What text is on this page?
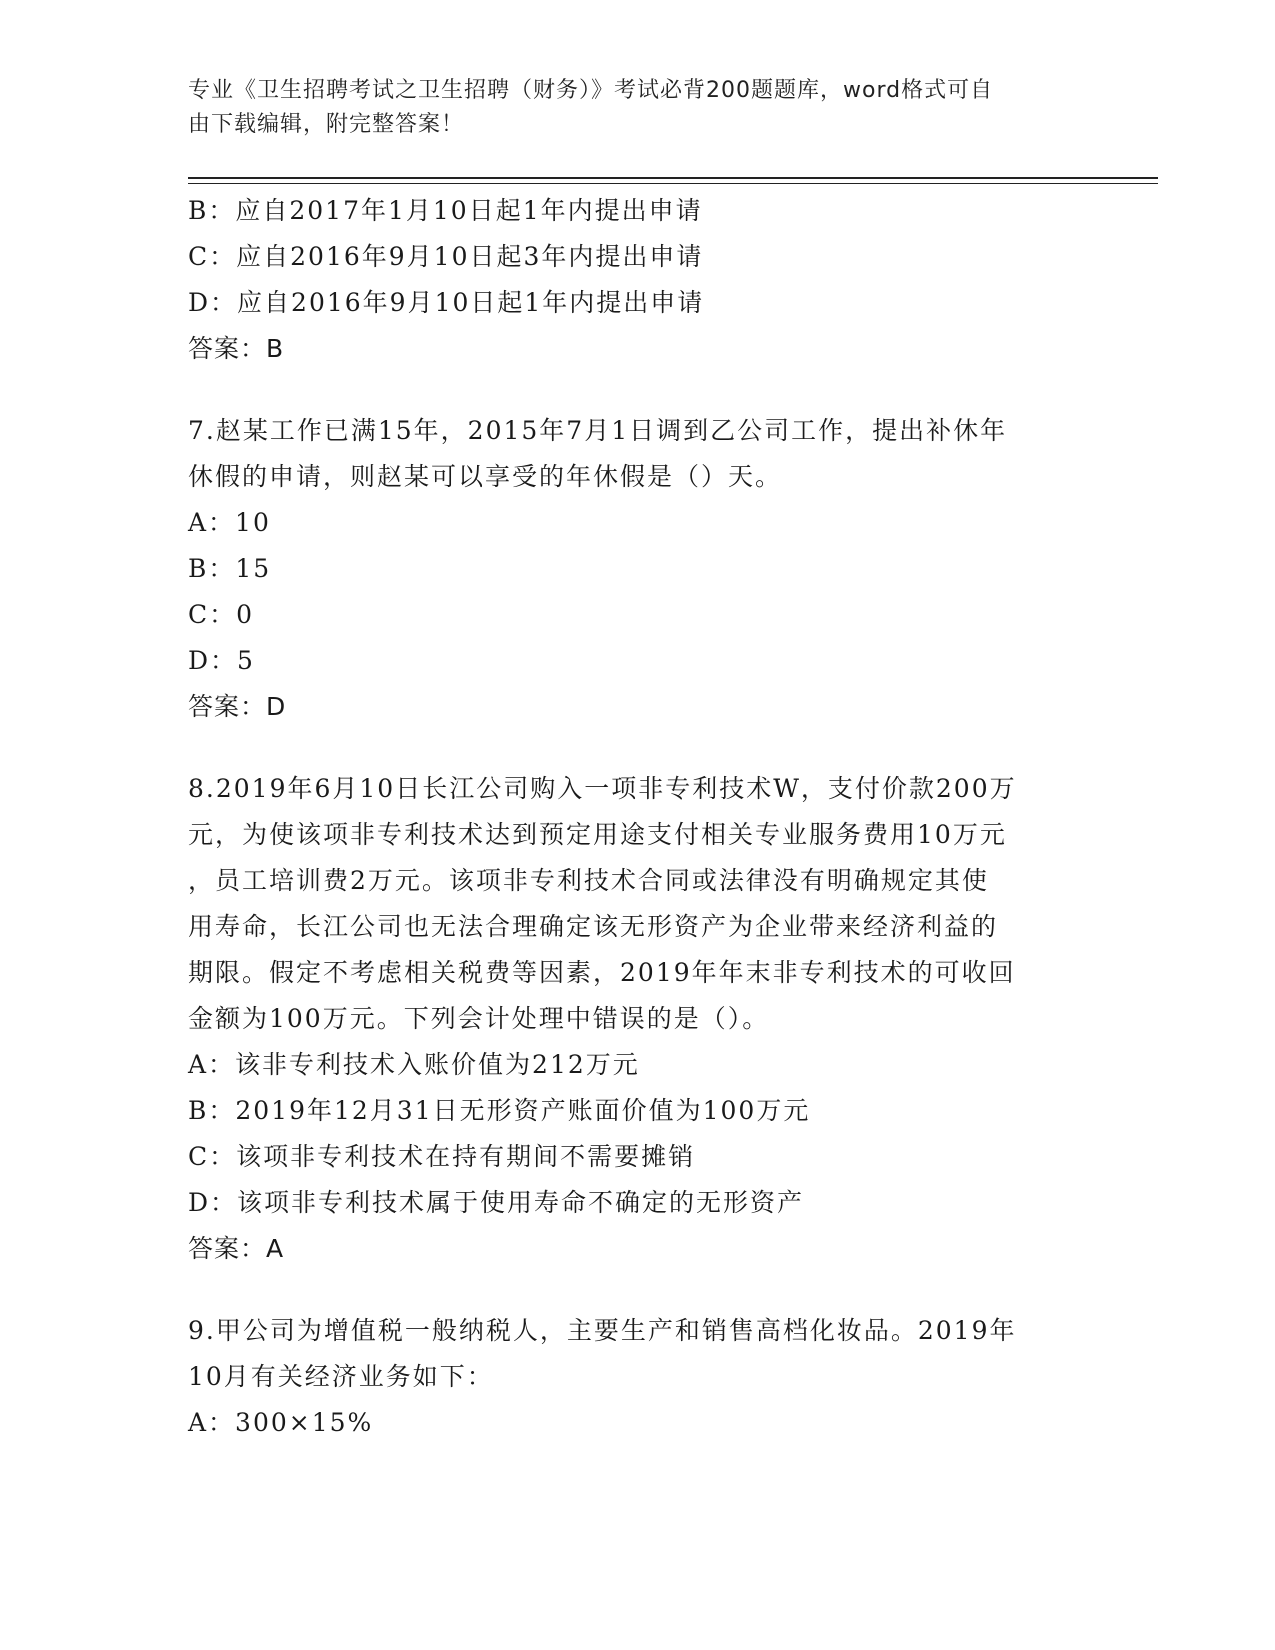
专业《卫生招聘考试之卫生招聘（财务）》考试必背200题题库，word格式可自
由下载编辑，附完整答案！
B：应自2017年1月10日起1年内提出申请
C：应自2016年9月10日起3年内提出申请
D：应自2016年9月10日起1年内提出申请
答案：B
7.赵某工作已满15年，2015年7月1日调到乙公司工作，提出补休年
休假的申请，则赵某可以享受的年休假是（）天。
A：10
B：15
C：0
D：5
答案：D
8.2019年6月10日长江公司购入一项非专利技术W，支付价款200万
元，为使该项非专利技术达到预定用途支付相关专业服务费用10万元
，员工培训费2万元。该项非专利技术合同或法律没有明确规定其使
用寿命，长江公司也无法合理确定该无形资产为企业带来经济利益的
期限。假定不考虑相关税费等因素，2019年年末非专利技术的可收回
金额为100万元。下列会计处理中错误的是（）。
A：该非专利技术入账价值为212万元
B：2019年12月31日无形资产账面价值为100万元
C：该项非专利技术在持有期间不需要摊销
D：该项非专利技术属于使用寿命不确定的无形资产
答案：A
9.甲公司为增值税一般纳税人，主要生产和销售高档化妆品。2019年
10月有关经济业务如下：
A：300×15%
